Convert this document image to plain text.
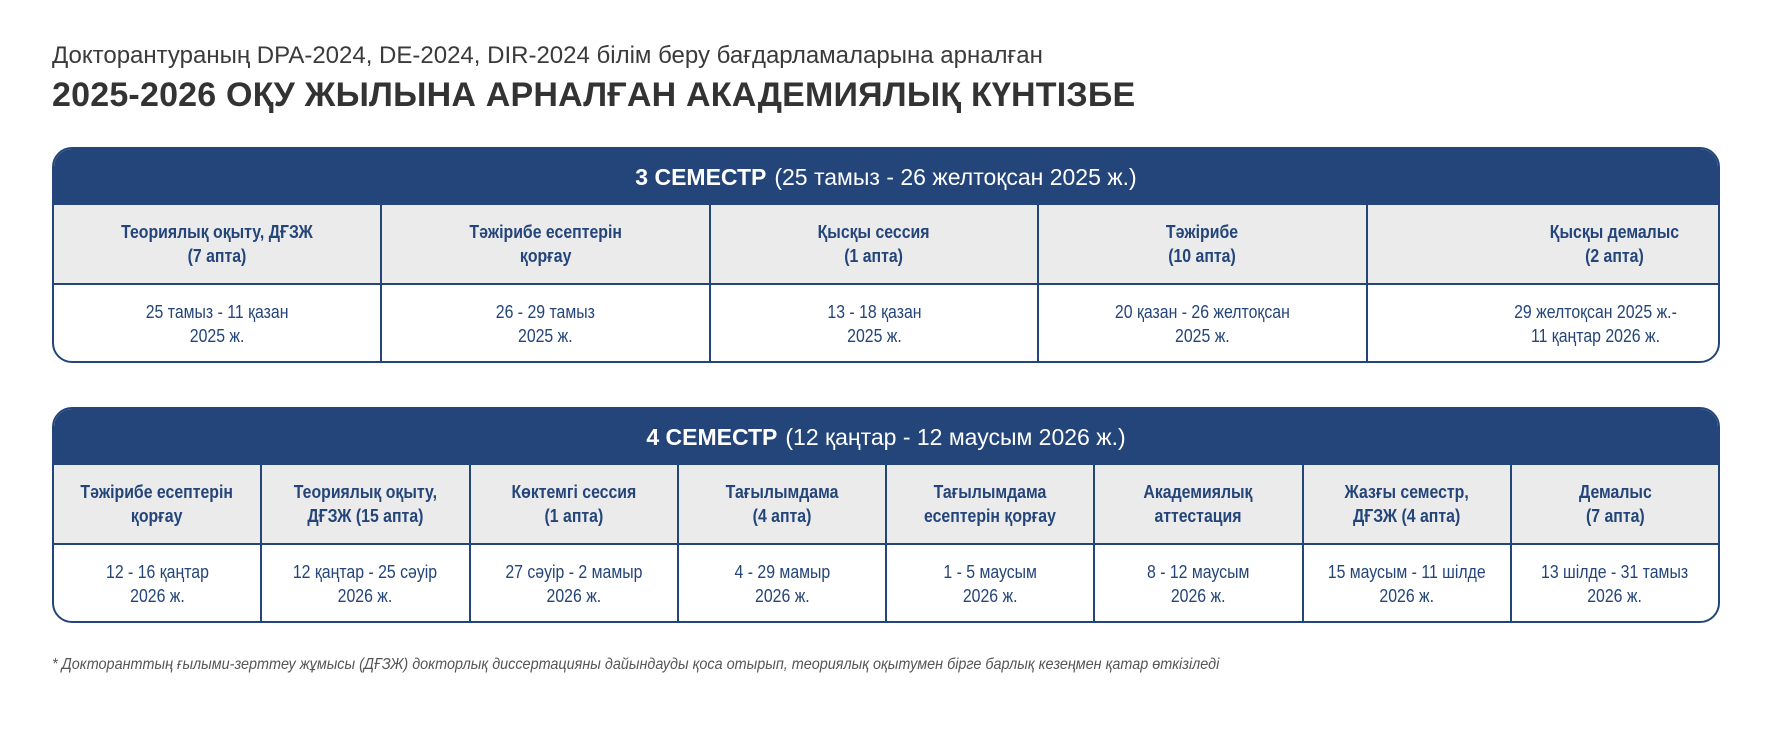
Докторантураның DPA-2024, DE-2024, DIR-2024 білім беру бағдарламаларына арналған
2025-2026 ОҚУ ЖЫЛЫНА АРНАЛҒАН АКАДЕМИЯЛЫҚ КҮНТІЗБЕ
3 СЕМЕСТР (25 тамыз - 26 желтоқсан 2025 ж.)
Теориялық оқыту, ДҒЗЖ
(7 апта)
Тәжірибе есептерін
қорғау
Қысқы сессия
(1 апта)
Тәжірибе
(10 апта)
Қысқы демалыс
(2 апта)
25 тамыз - 11 қазан
2025 ж.
26 - 29 тамыз
2025 ж.
13 - 18 қазан
2025 ж.
20 қазан - 26 желтоқсан
2025 ж.
29 желтоқсан 2025 ж.-
11 қаңтар 2026 ж.
4 СЕМЕСТР (12 қаңтар - 12 маусым 2026 ж.)
Тәжірибе есептерін
қорғау
Теориялық оқыту,
ДҒЗЖ (15 апта)
Көктемгі сессия
(1 апта)
Тағылымдама
(4 апта)
Тағылымдама
есептерін қорғау
Академиялық
аттестация
Жазғы семестр,
ДҒЗЖ (4 апта)
Демалыс
(7 апта)
12 - 16 қаңтар
2026 ж.
12 қаңтар - 25 сәуір
2026 ж.
27 сәуір - 2 мамыр
2026 ж.
4 - 29 мамыр
2026 ж.
1 - 5 маусым
2026 ж.
8 - 12 маусым
2026 ж.
15 маусым - 11 шілде
2026 ж.
13 шілде - 31 тамыз
2026 ж.
* Докторанттың ғылыми-зерттеу жұмысы (ДҒЗЖ) докторлық диссертацияны дайындауды қоса отырып, теориялық оқытумен бірге барлық кезеңмен қатар өткізіледі
